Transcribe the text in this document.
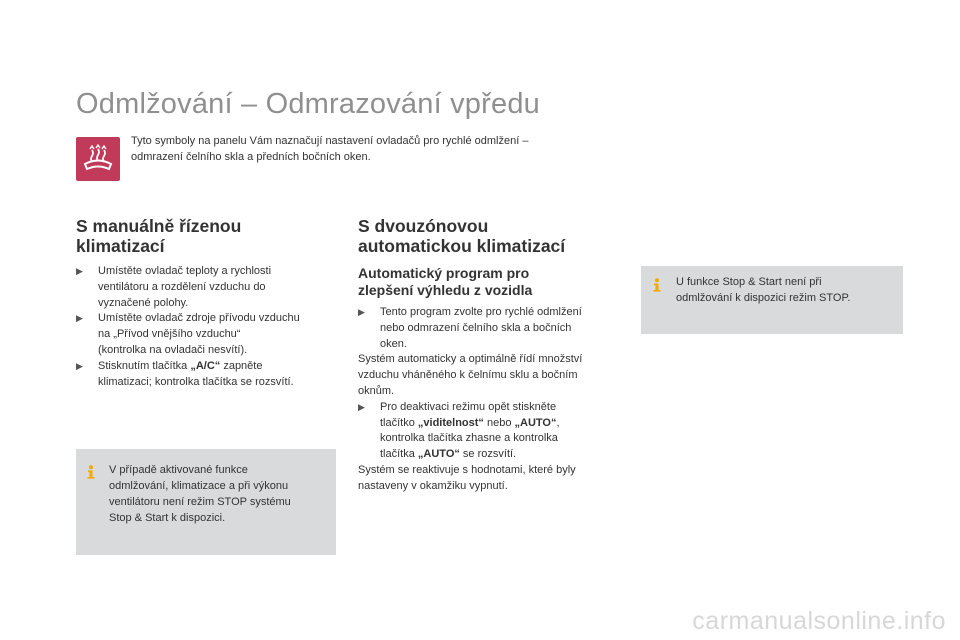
Odmlžování – Odmrazování vpředu
Tyto symboly na panelu Vám naznačují nastavení ovladačů pro rychlé odmlžení –
odmrazení čelního skla a předních bočních oken.
S manuálně řízenou
klimatizací
▶ Umístěte ovladač teploty a rychlosti
ventilátoru a rozdělení vzduchu do
vyznačené polohy.
▶ Umístěte ovladač zdroje přívodu vzduchu
na „Přívod vnějšího vzduchu“
(kontrolka na ovladači nesvítí).
▶ Stisknutím tlačítka „A/C“ zapněte
klimatizaci; kontrolka tlačítka se rozsvítí.
V případě aktivované funkce
odmlžování, klimatizace a při výkonu
ventilátoru není režim STOP systému
Stop & Start k dispozici.
S dvouzónovou
automatickou klimatizací
Automatický program pro
zlepšení výhledu z vozidla
▶ Tento program zvolte pro rychlé odmlžení
nebo odmrazení čelního skla a bočních
oken.
Systém automaticky a optimálně řídí množství
vzduchu vháněného k čelnímu sklu a bočním
oknům.
▶ Pro deaktivaci režimu opět stiskněte
tlačítko „viditelnost“ nebo „AUTO“,
kontrolka tlačítka zhasne a kontrolka
tlačítka „AUTO“ se rozsvítí.
Systém se reaktivuje s hodnotami, které byly
nastaveny v okamžiku vypnutí.
U funkce Stop & Start není při
odmlžování k dispozici režim STOP.
carmanualsonline.info
